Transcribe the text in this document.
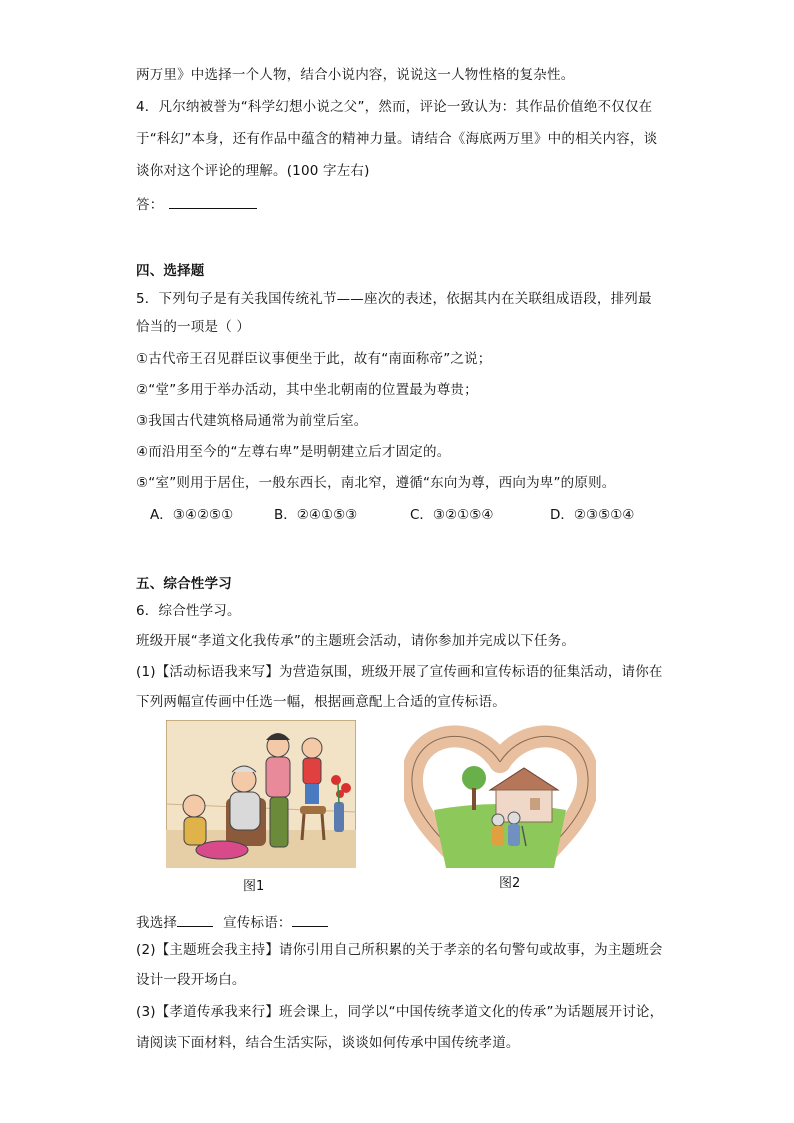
两万里》中选择一个人物，结合小说内容，说说这一人物性格的复杂性。
4．凡尔纳被誉为“科学幻想小说之父”，然而，评论一致认为：其作品价值绝不仅仅在
于“科幻”本身，还有作品中蕴含的精神力量。请结合《海底两万里》中的相关内容，谈
谈你对这个评论的理解。(100 字左右)
答：
四、选择题
5．下列句子是有关我国传统礼节——座次的表述，依据其内在关联组成语段，排列最
恰当的一项是（ ）
①古代帝王召见群臣议事便坐于此，故有“南面称帝”之说；
②“堂”多用于举办活动，其中坐北朝南的位置最为尊贵；
③我国古代建筑格局通常为前堂后室。
④而沿用至今的“左尊右卑”是明朝建立后才固定的。
⑤“室”则用于居住，一般东西长，南北窄，遵循“东向为尊，西向为卑”的原则。
A．③④②⑤①	B．②④①⑤③	C．③②①⑤④	D．②③⑤①④
五、综合性学习
6．综合性学习。
班级开展“孝道文化我传承”的主题班会活动，请你参加并完成以下任务。
(1)【活动标语我来写】为营造氛围，班级开展了宣传画和宣传标语的征集活动，请你在
下列两幅宣传画中任选一幅，根据画意配上合适的宣传标语。
图1	图2
我选择	宣传标语：
(2)【主题班会我主持】请你引用自己所积累的关于孝亲的名句警句或故事，为主题班会
设计一段开场白。
(3)【孝道传承我来行】班会课上，同学以“中国传统孝道文化的传承”为话题展开讨论，
请阅读下面材料，结合生活实际，谈谈如何传承中国传统孝道。
